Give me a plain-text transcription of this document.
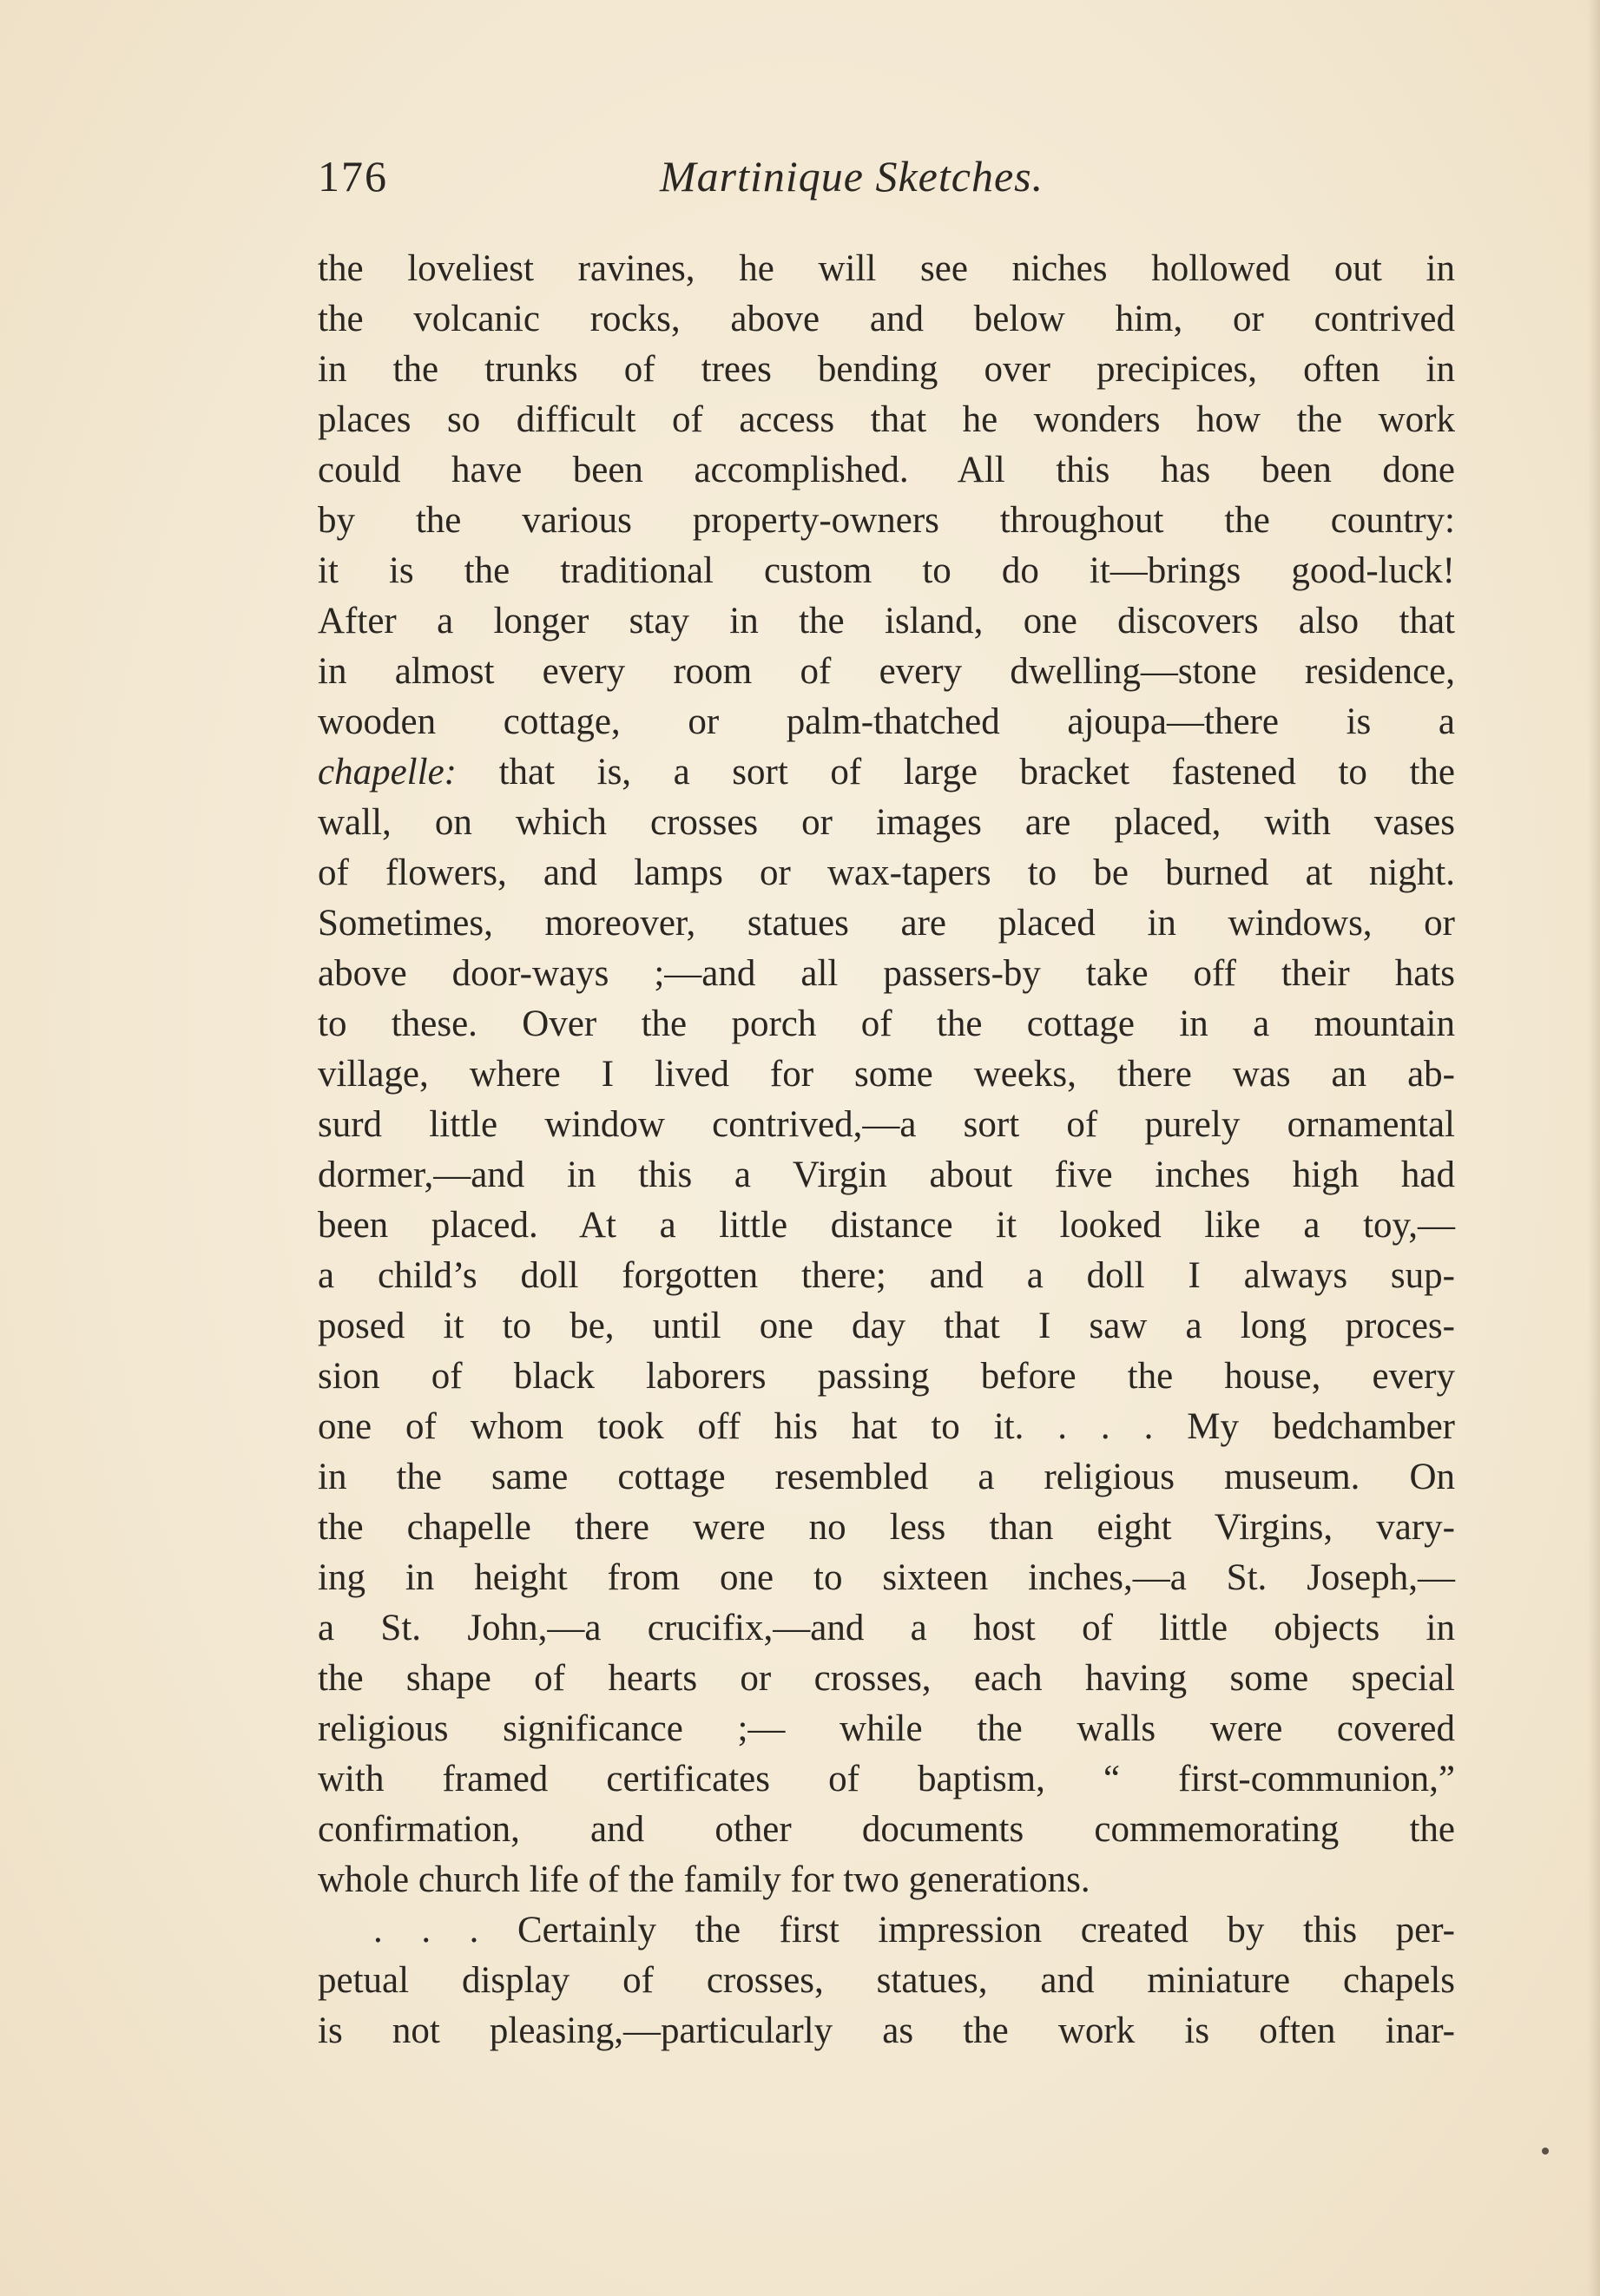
176	Martinique Sketches.
the loveliest ravines, he will see niches hollowed out in
the volcanic rocks, above and below him, or contrived
in the trunks of trees bending over precipices, often in
places so difficult of access that he wonders how the work
could have been accomplished. All this has been done
by the various property-owners throughout the country:
it is the traditional custom to do it—brings good-luck!
After a longer stay in the island, one discovers also that
in almost every room of every dwelling—stone residence,
wooden cottage, or palm-thatched ajoupa—there is a
chapelle: that is, a sort of large bracket fastened to the
wall, on which crosses or images are placed, with vases
of flowers, and lamps or wax-tapers to be burned at night.
Sometimes, moreover, statues are placed in windows, or
above door-ways ;—and all passers-by take off their hats
to these. Over the porch of the cottage in a mountain
village, where I lived for some weeks, there was an ab-
surd little window contrived,—a sort of purely ornamental
dormer,—and in this a Virgin about five inches high had
been placed. At a little distance it looked like a toy,—
a child’s doll forgotten there; and a doll I always sup-
posed it to be, until one day that I saw a long proces-
sion of black laborers passing before the house, every
one of whom took off his hat to it. . . . My bedchamber
in the same cottage resembled a religious museum. On
the chapelle there were no less than eight Virgins, vary-
ing in height from one to sixteen inches,—a St. Joseph,—
a St. John,—a crucifix,—and a host of little objects in
the shape of hearts or crosses, each having some special
religious significance ;— while the walls were covered
with framed certificates of baptism, “ first-communion,”
confirmation, and other documents commemorating the
whole church life of the family for two generations.
. . . Certainly the first impression created by this per-
petual display of crosses, statues, and miniature chapels
is not pleasing,—particularly as the work is often inar-
